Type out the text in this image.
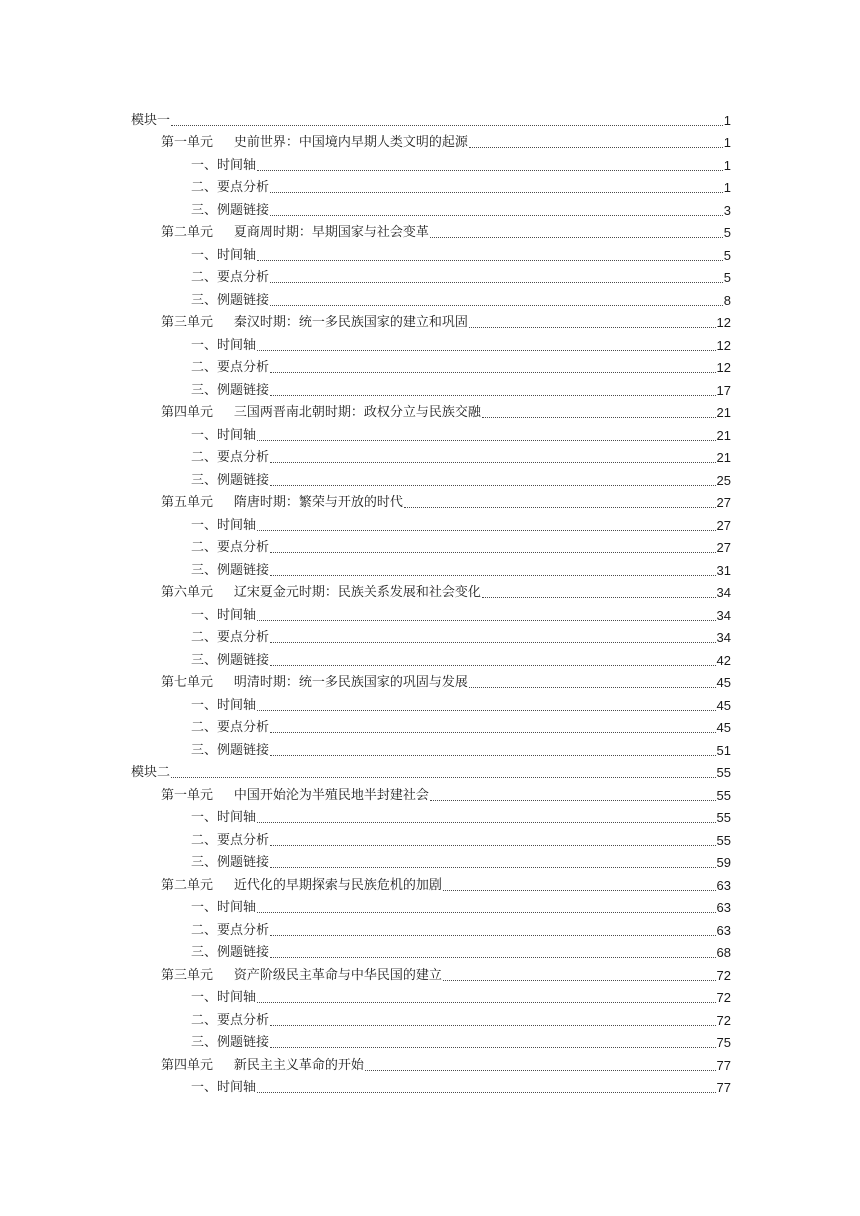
模块一	1
第一单元 史前世界：中国境内早期人类文明的起源	1
一、时间轴	1
二、要点分析	1
三、例题链接	3
第二单元 夏商周时期：早期国家与社会变革	5
一、时间轴	5
二、要点分析	5
三、例题链接	8
第三单元 秦汉时期：统一多民族国家的建立和巩固	12
一、时间轴	12
二、要点分析	12
三、例题链接	17
第四单元 三国两晋南北朝时期：政权分立与民族交融	21
一、时间轴	21
二、要点分析	21
三、例题链接	25
第五单元 隋唐时期：繁荣与开放的时代	27
一、时间轴	27
二、要点分析	27
三、例题链接	31
第六单元 辽宋夏金元时期：民族关系发展和社会变化	34
一、时间轴	34
二、要点分析	34
三、例题链接	42
第七单元 明清时期：统一多民族国家的巩固与发展	45
一、时间轴	45
二、要点分析	45
三、例题链接	51
模块二	55
第一单元 中国开始沦为半殖民地半封建社会	55
一、时间轴	55
二、要点分析	55
三、例题链接	59
第二单元 近代化的早期探索与民族危机的加剧	63
一、时间轴	63
二、要点分析	63
三、例题链接	68
第三单元 资产阶级民主革命与中华民国的建立	72
一、时间轴	72
二、要点分析	72
三、例题链接	75
第四单元 新民主主义革命的开始	77
一、时间轴	77
